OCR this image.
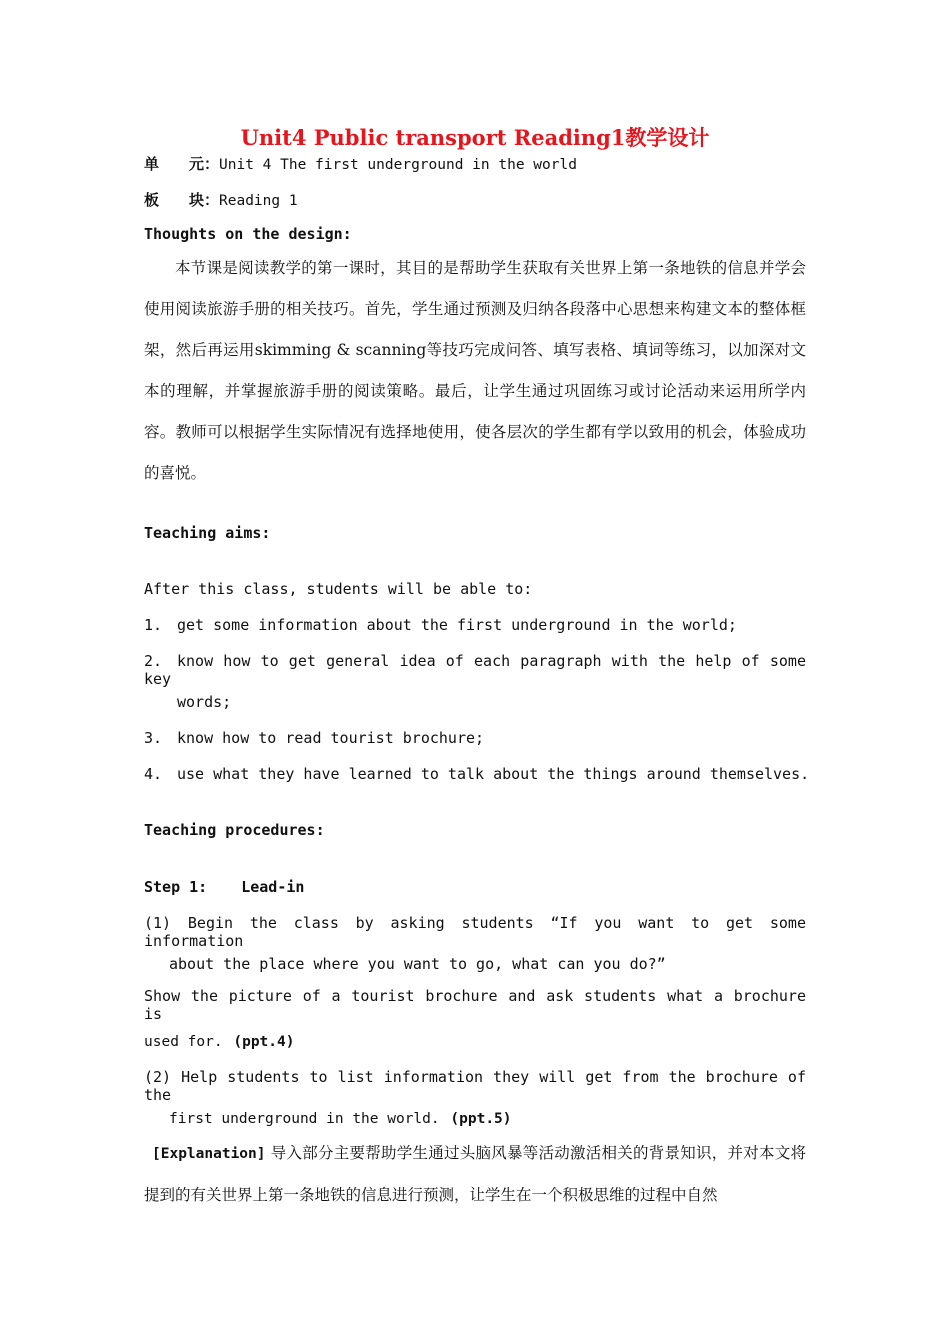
Unit4 Public transport Reading1教学设计
单　　元：Unit 4 The first underground in the world
板　　块：Reading 1
Thoughts on the design:

本节课是阅读教学的第一课时，其目的是帮助学生获取有关世界上第一条地铁的信息并学会使用阅读旅游手册的相关技巧。首先，学生通过预测及归纳各段落中心思想来构建文本的整体框架，然后再运用skimming & scanning等技巧完成问答、填写表格、填词等练习，以加深对文本的理解，并掌握旅游手册的阅读策略。最后，让学生通过巩固练习或讨论活动来运用所学内容。教师可以根据学生实际情况有选择地使用，使各层次的学生都有学以致用的机会，体验成功的喜悦。

Teaching aims:
After this class, students will be able to:
1. get some information about the first underground in the world;
2. know how to get general idea of each paragraph with the help of some key
words;
3. know how to read tourist brochure;
4. use what they have learned to talk about the things around themselves.
Teaching procedures:
Step 1: Lead-in
(1) Begin the class by asking students “If you want to get some information
about the place where you want to go, what can you do?”
Show the picture of a tourist brochure and ask students what a brochure is
used for. (ppt.4)
(2) Help students to list information they will get from the brochure of the
first underground in the world. (ppt.5)
[Explanation] 导入部分主要帮助学生通过头脑风暴等活动激活相关的背景知识，并对本文将提到的有关世界上第一条地铁的信息进行预测，让学生在一个积极思维的过程中自然
